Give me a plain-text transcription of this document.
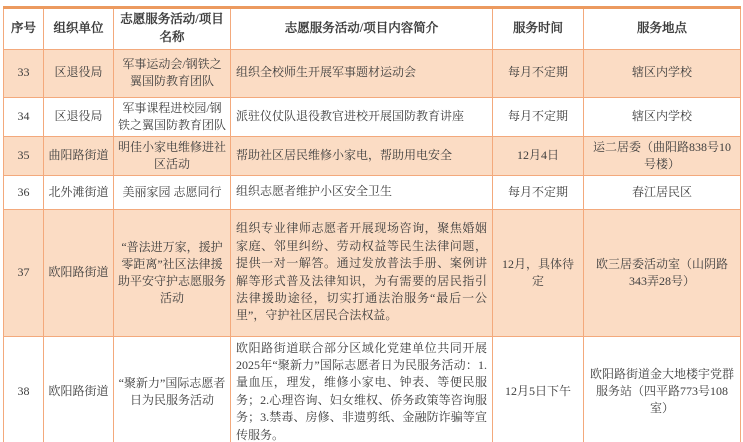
序号	组织单位	志愿服务活动/项目名称	志愿服务活动/项目内容简介	服务时间	服务地点
33	区退役局	军事运动会/钢铁之翼国防教育团队	组织全校师生开展军事题材运动会	每月不定期	辖区内学校
34	区退役局	军事课程进校园/钢铁之翼国防教育团队	派驻仪仗队退役教官进校开展国防教育讲座	每月不定期	辖区内学校
35	曲阳路街道	明佳小家电维修进社区活动	帮助社区居民维修小家电，帮助用电安全	12月4日	运二居委（曲阳路838号10号楼）
36	北外滩街道	美丽家园 志愿同行	组织志愿者维护小区安全卫生	每月不定期	春江居民区
37	欧阳路街道	“普法进万家，援护零距离”社区法律援助平安守护志愿服务活动	组织专业律师志愿者开展现场咨询，聚焦婚姻家庭、邻里纠纷、劳动权益等民生法律问题，提供一对一解答。通过发放普法手册、案例讲解等形式普及法律知识，为有需要的居民指引法律援助途径，切实打通法治服务“最后一公里”，守护社区居民合法权益。	12月，具体待定	欧三居委活动室（山阴路343弄28号）
38	欧阳路街道	“聚新力”国际志愿者日为民服务活动	欧阳路街道联合部分区域化党建单位共同开展2025年“聚新力”国际志愿者日为民服务活动：1.量血压，理发，维修小家电、钟表、等便民服务；2.心理咨询、妇女维权、侨务政策等咨询服务；3.禁毒、房修、非遗剪纸、金融防诈骗等宣传服务。	12月5日下午	欧阳路街道金大地楼宇党群服务站（四平路773号108室）
